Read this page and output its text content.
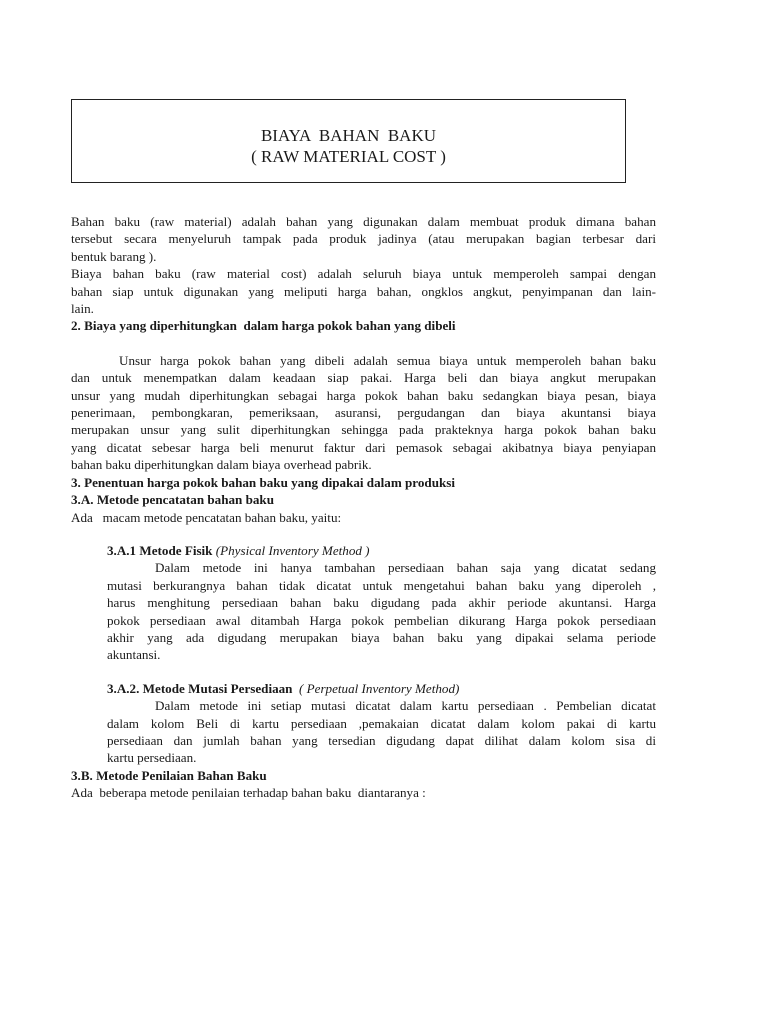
BIAYA  BAHAN  BAKU
( RAW MATERIAL COST )

Bahan baku (raw material) adalah bahan yang digunakan dalam membuat produk dimana bahan

tersebut secara menyeluruh tampak pada produk jadinya (atau merupakan bagian terbesar dari

bentuk barang ).

Biaya bahan baku (raw material cost) adalah seluruh biaya untuk memperoleh sampai dengan

bahan siap untuk digunakan yang meliputi harga bahan, ongklos angkut, penyimpanan dan lain-

lain.

2. Biaya yang diperhitungkan  dalam harga pokok bahan yang dibeli

Unsur harga pokok bahan yang dibeli adalah semua biaya untuk memperoleh bahan baku

dan untuk menempatkan dalam keadaan siap pakai. Harga beli dan biaya angkut merupakan

unsur yang mudah diperhitungkan sebagai harga pokok bahan baku sedangkan biaya pesan, biaya

penerimaan, pembongkaran, pemeriksaan, asuransi, pergudangan dan biaya akuntansi biaya

merupakan unsur yang sulit diperhitungkan sehingga pada prakteknya harga pokok bahan baku

yang dicatat sebesar harga beli menurut faktur dari pemasok sebagai akibatnya biaya penyiapan

bahan baku diperhitungkan dalam biaya overhead pabrik.

3. Penentuan harga pokok bahan baku yang dipakai dalam produksi

3.A. Metode pencatatan bahan baku

Ada   macam metode pencatatan bahan baku, yaitu:

3.A.1 Metode Fisik (Physical Inventory Method )

Dalam metode ini hanya tambahan persediaan bahan saja yang dicatat sedang

mutasi berkurangnya bahan tidak dicatat untuk mengetahui bahan baku yang diperoleh ,

harus menghitung persediaan bahan baku digudang pada akhir periode akuntansi. Harga

pokok persediaan awal ditambah Harga pokok pembelian dikurang Harga pokok persediaan

akhir yang ada digudang merupakan biaya bahan baku yang dipakai selama periode

akuntansi.

3.A.2. Metode Mutasi Persediaan  ( Perpetual Inventory Method)

Dalam metode ini setiap mutasi dicatat dalam kartu persediaan . Pembelian dicatat

dalam kolom Beli di kartu persediaan ,pemakaian dicatat dalam kolom pakai di kartu

persediaan dan jumlah bahan yang tersedian digudang dapat dilihat dalam kolom sisa di

kartu persediaan.

3.B. Metode Penilaian Bahan Baku

Ada  beberapa metode penilaian terhadap bahan baku  diantaranya :
